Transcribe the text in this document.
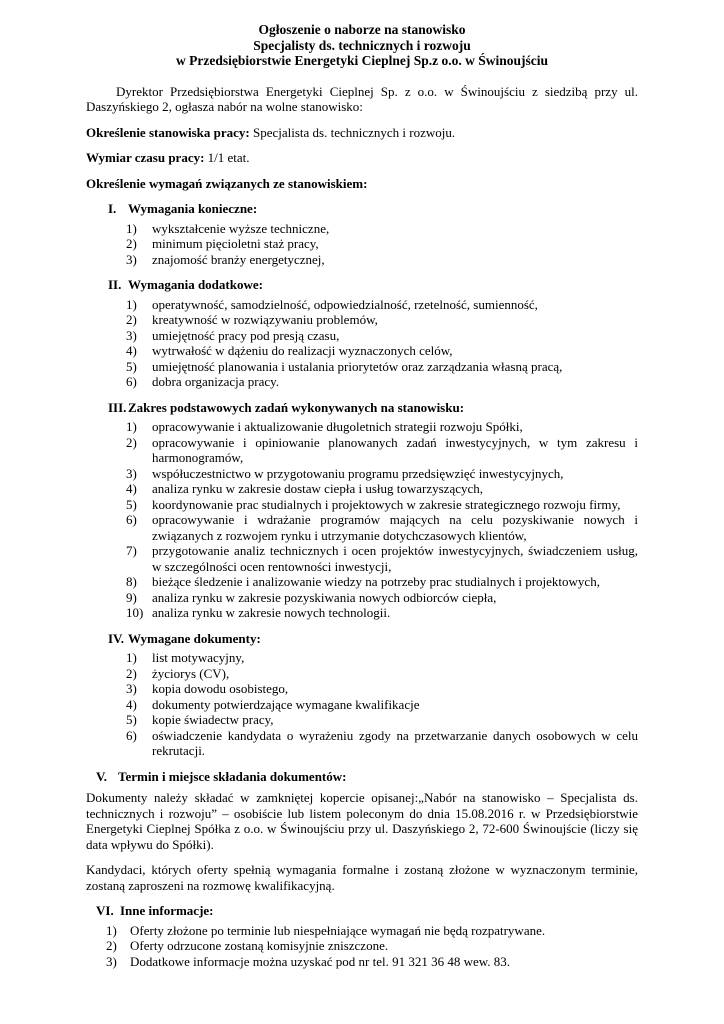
Ogłoszenie o naborze na stanowisko
Specjalisty ds. technicznych i rozwoju
w Przedsiębiorstwie Energetyki Cieplnej Sp.z o.o. w Świnoujściu

Dyrektor Przedsiębiorstwa Energetyki Cieplnej Sp. z o.o. w Świnoujściu z siedzibą przy ul. Daszyńskiego 2, ogłasza nabór na wolne stanowisko:

Określenie stanowiska pracy: Specjalista ds. technicznych i rozwoju.

Wymiar czasu pracy: 1/1 etat.

Określenie wymagań związanych ze stanowiskiem:

I. Wymagania konieczne:
1)	wykształcenie wyższe techniczne,
2)	minimum pięcioletni staż pracy,
3)	znajomość branży energetycznej,
II. Wymagania dodatkowe:
1)	operatywność, samodzielność, odpowiedzialność, rzetelność, sumienność,
2)	kreatywność w rozwiązywaniu problemów,
3)	umiejętność pracy pod presją czasu,
4)	wytrwałość w dążeniu do realizacji wyznaczonych celów,
5)	umiejętność planowania i ustalania priorytetów oraz zarządzania własną pracą,
6)	dobra organizacja pracy.
III. Zakres podstawowych zadań wykonywanych na stanowisku:
1)	opracowywanie i aktualizowanie długoletnich strategii rozwoju Spółki,
2)	opracowywanie i opiniowanie planowanych zadań inwestycyjnych, w tym zakresu i harmonogramów,
3)	współuczestnictwo w przygotowaniu programu przedsięwzięć inwestycyjnych,
4)	analiza rynku w zakresie dostaw ciepła i usług towarzyszących,
5)	koordynowanie prac studialnych i projektowych w zakresie strategicznego rozwoju firmy,
6)	opracowywanie i wdrażanie programów mających na celu pozyskiwanie nowych i związanych z rozwojem rynku i utrzymanie dotychczasowych klientów,
7)	przygotowanie analiz technicznych i ocen projektów inwestycyjnych, świadczeniem usług, w szczególności ocen rentowności inwestycji,
8)	bieżące śledzenie i analizowanie wiedzy na potrzeby prac studialnych i projektowych,
9)	analiza rynku w zakresie pozyskiwania nowych odbiorców ciepła,
10) analiza rynku w zakresie nowych technologii.
IV. Wymagane dokumenty:
1)	list motywacyjny,
2)	życiorys (CV),
3)	kopia dowodu osobistego,
4)	dokumenty potwierdzające wymagane kwalifikacje
5)	kopie świadectw pracy,
6)	oświadczenie kandydata o wyrażeniu zgody na przetwarzanie danych osobowych w celu rekrutacji.
V. Termin i miejsce składania dokumentów:

Dokumenty należy składać w zamkniętej kopercie opisanej:„Nabór na stanowisko – Specjalista ds. technicznych i rozwoju” – osobiście lub listem poleconym do dnia 15.08.2016 r. w Przedsiębiorstwie Energetyki Cieplnej Spółka z o.o. w Świnoujściu przy ul. Daszyńskiego 2, 72-600 Świnoujście (liczy się data wpływu do Spółki).

Kandydaci, których oferty spełnią wymagania formalne i zostaną złożone w wyznaczonym terminie, zostaną zaproszeni na rozmowę kwalifikacyjną.

VI. Inne informacje:
1)	Oferty złożone po terminie lub niespełniające wymagań nie będą rozpatrywane.
2)	Oferty odrzucone zostaną komisyjnie zniszczone.
3)	Dodatkowe informacje można uzyskać pod nr tel. 91 321 36 48 wew. 83.
